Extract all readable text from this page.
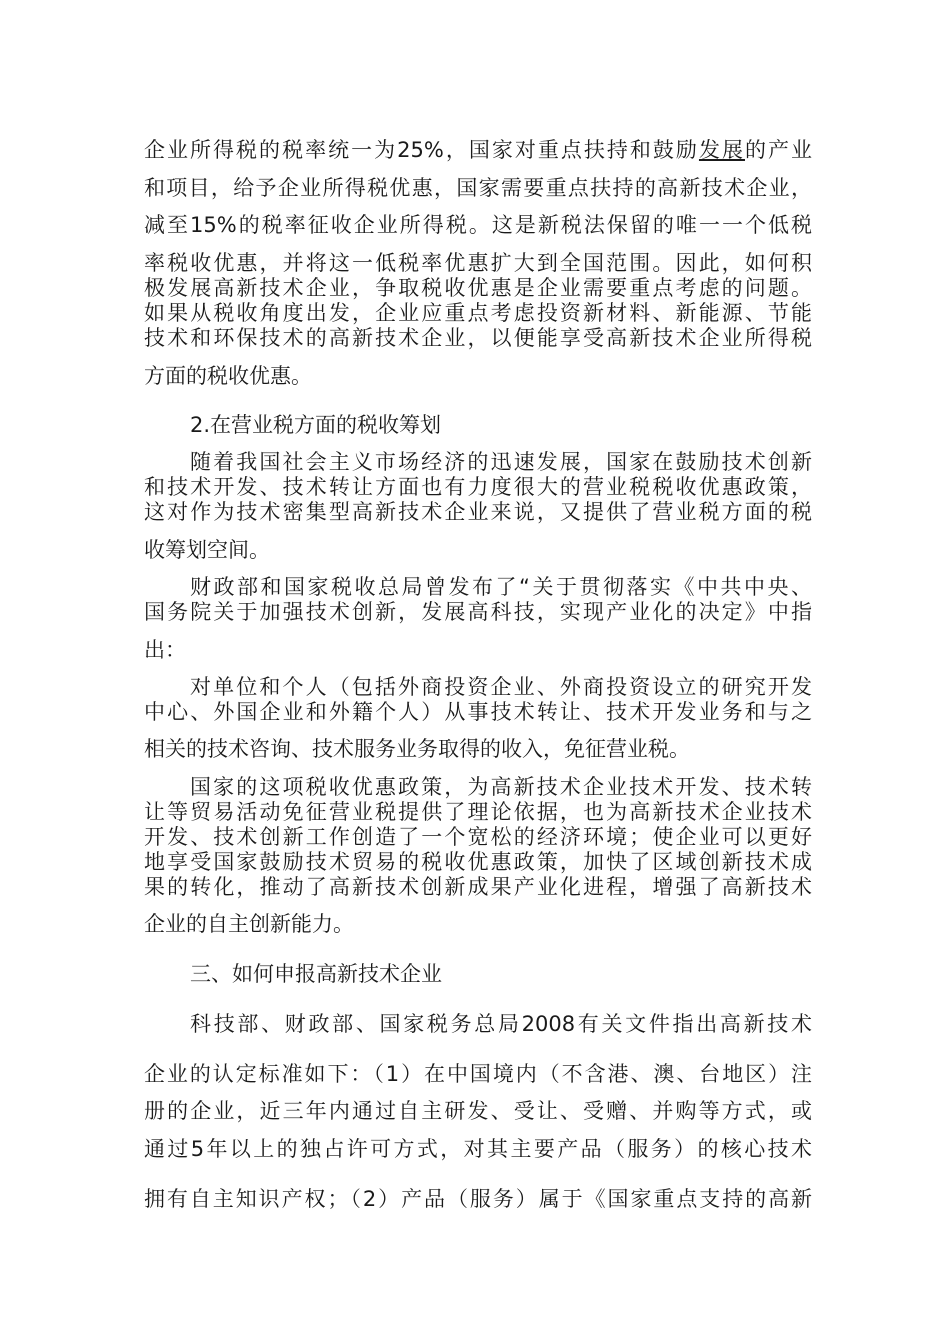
企业所得税的税率统一为25%，国家对重点扶持和鼓励发展的产业
和项目，给予企业所得税优惠，国家需要重点扶持的高新技术企业，
减至15%的税率征收企业所得税。这是新税法保留的唯一一个低税
率税收优惠，并将这一低税率优惠扩大到全国范围。因此，如何积
极发展高新技术企业，争取税收优惠是企业需要重点考虑的问题。
如果从税收角度出发，企业应重点考虑投资新材料、新能源、节能
技术和环保技术的高新技术企业，以便能享受高新技术企业所得税
方面的税收优惠。
2.在营业税方面的税收筹划
随着我国社会主义市场经济的迅速发展，国家在鼓励技术创新
和技术开发、技术转让方面也有力度很大的营业税税收优惠政策，
这对作为技术密集型高新技术企业来说，又提供了营业税方面的税
收筹划空间。
财政部和国家税收总局曾发布了“关于贯彻落实《中共中央、
国务院关于加强技术创新，发展高科技，实现产业化的决定》中指
出：
对单位和个人（包括外商投资企业、外商投资设立的研究开发
中心、外国企业和外籍个人）从事技术转让、技术开发业务和与之
相关的技术咨询、技术服务业务取得的收入，免征营业税。
国家的这项税收优惠政策，为高新技术企业技术开发、技术转
让等贸易活动免征营业税提供了理论依据，也为高新技术企业技术
开发、技术创新工作创造了一个宽松的经济环境；使企业可以更好
地享受国家鼓励技术贸易的税收优惠政策，加快了区域创新技术成
果的转化，推动了高新技术创新成果产业化进程，增强了高新技术
企业的自主创新能力。
三、如何申报高新技术企业
科技部、财政部、国家税务总局2008有关文件指出高新技术
企业的认定标准如下：（1）在中国境内（不含港、澳、台地区）注
册的企业，近三年内通过自主研发、受让、受赠、并购等方式，或
通过5年以上的独占许可方式，对其主要产品（服务）的核心技术
拥有自主知识产权；（2）产品（服务）属于《国家重点支持的高新
